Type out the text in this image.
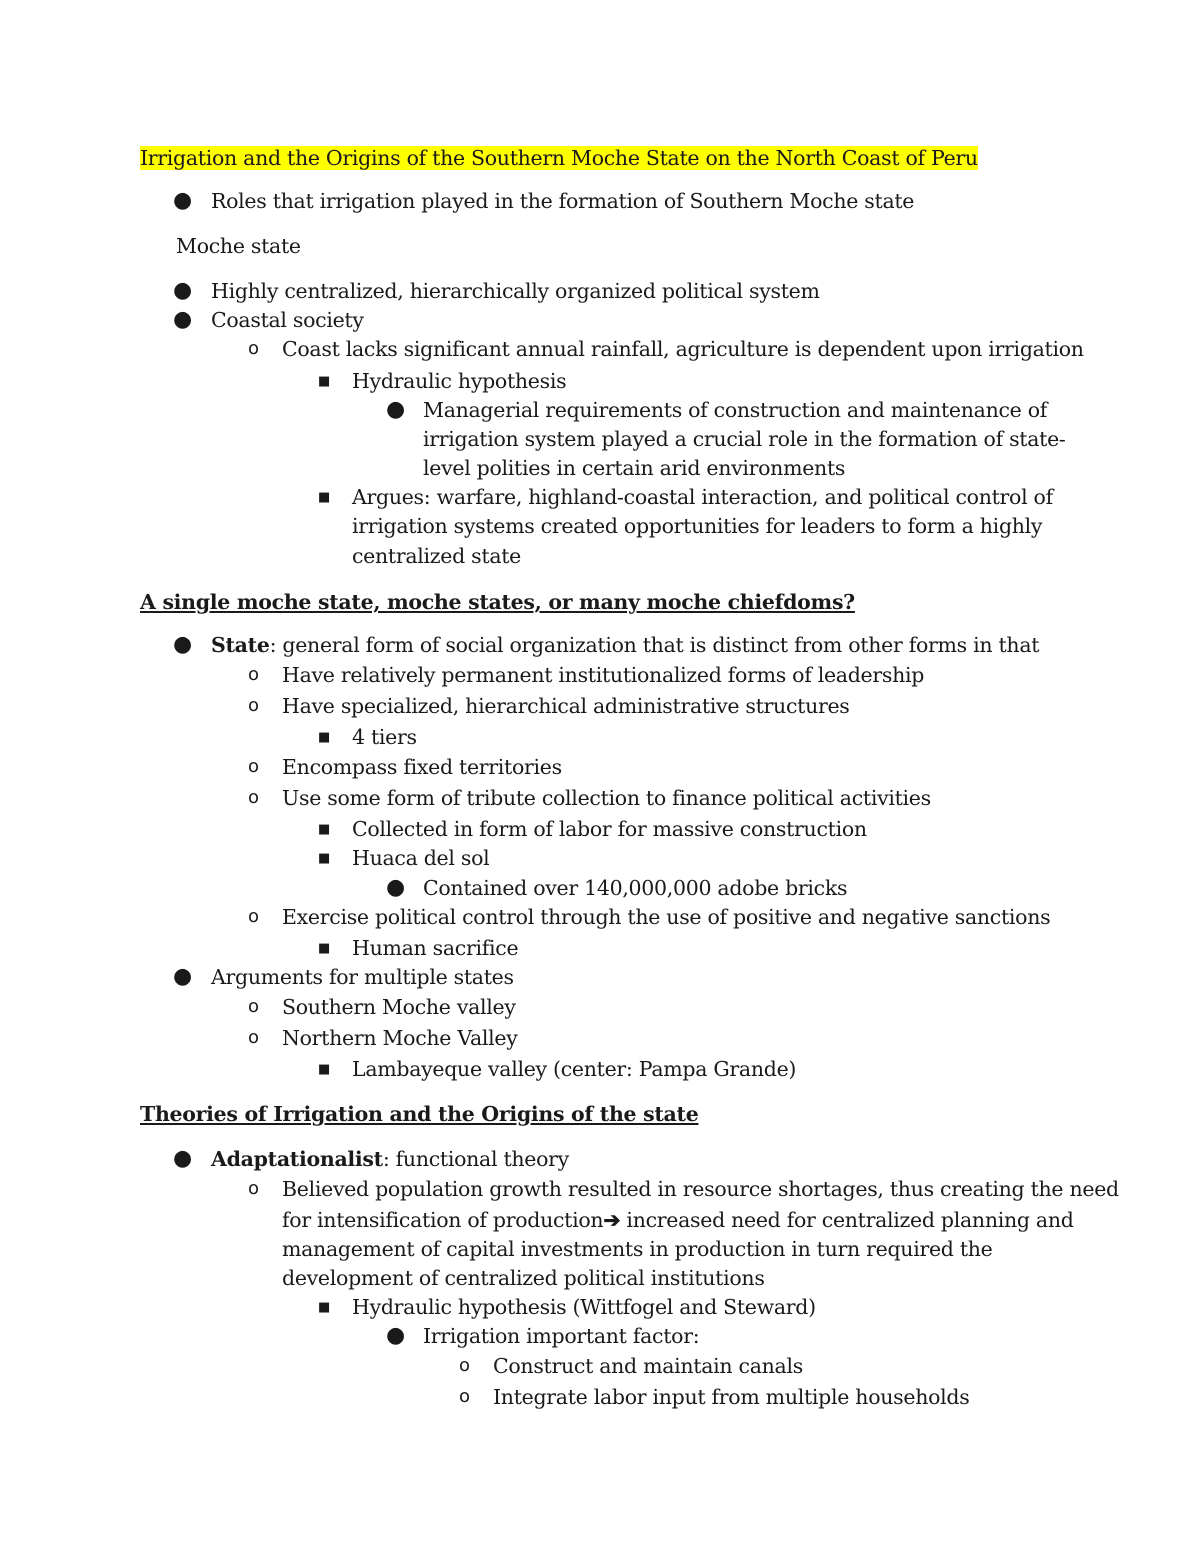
Irrigation and the Origins of the Southern Moche State on the North Coast of Peru
● Roles that irrigation played in the formation of Southern Moche state
Moche state
● Highly centralized, hierarchically organized political system
● Coastal society
o Coast lacks significant annual rainfall, agriculture is dependent upon irrigation
■ Hydraulic hypothesis
● Managerial requirements of construction and maintenance of
irrigation system played a crucial role in the formation of state-
level polities in certain arid environments
■ Argues: warfare, highland-coastal interaction, and political control of
irrigation systems created opportunities for leaders to form a highly
centralized state
A single moche state, moche states, or many moche chiefdoms?
● State: general form of social organization that is distinct from other forms in that
o Have relatively permanent institutionalized forms of leadership
o Have specialized, hierarchical administrative structures
■ 4 tiers
o Encompass fixed territories
o Use some form of tribute collection to finance political activities
■ Collected in form of labor for massive construction
■ Huaca del sol
● Contained over 140,000,000 adobe bricks
o Exercise political control through the use of positive and negative sanctions
■ Human sacrifice
● Arguments for multiple states
o Southern Moche valley
o Northern Moche Valley
■ Lambayeque valley (center: Pampa Grande)
Theories of Irrigation and the Origins of the state
● Adaptationalist: functional theory
o Believed population growth resulted in resource shortages, thus creating the need
for intensification of production➔ increased need for centralized planning and
management of capital investments in production in turn required the
development of centralized political institutions
■ Hydraulic hypothesis (Wittfogel and Steward)
● Irrigation important factor:
o Construct and maintain canals
o Integrate labor input from multiple households
